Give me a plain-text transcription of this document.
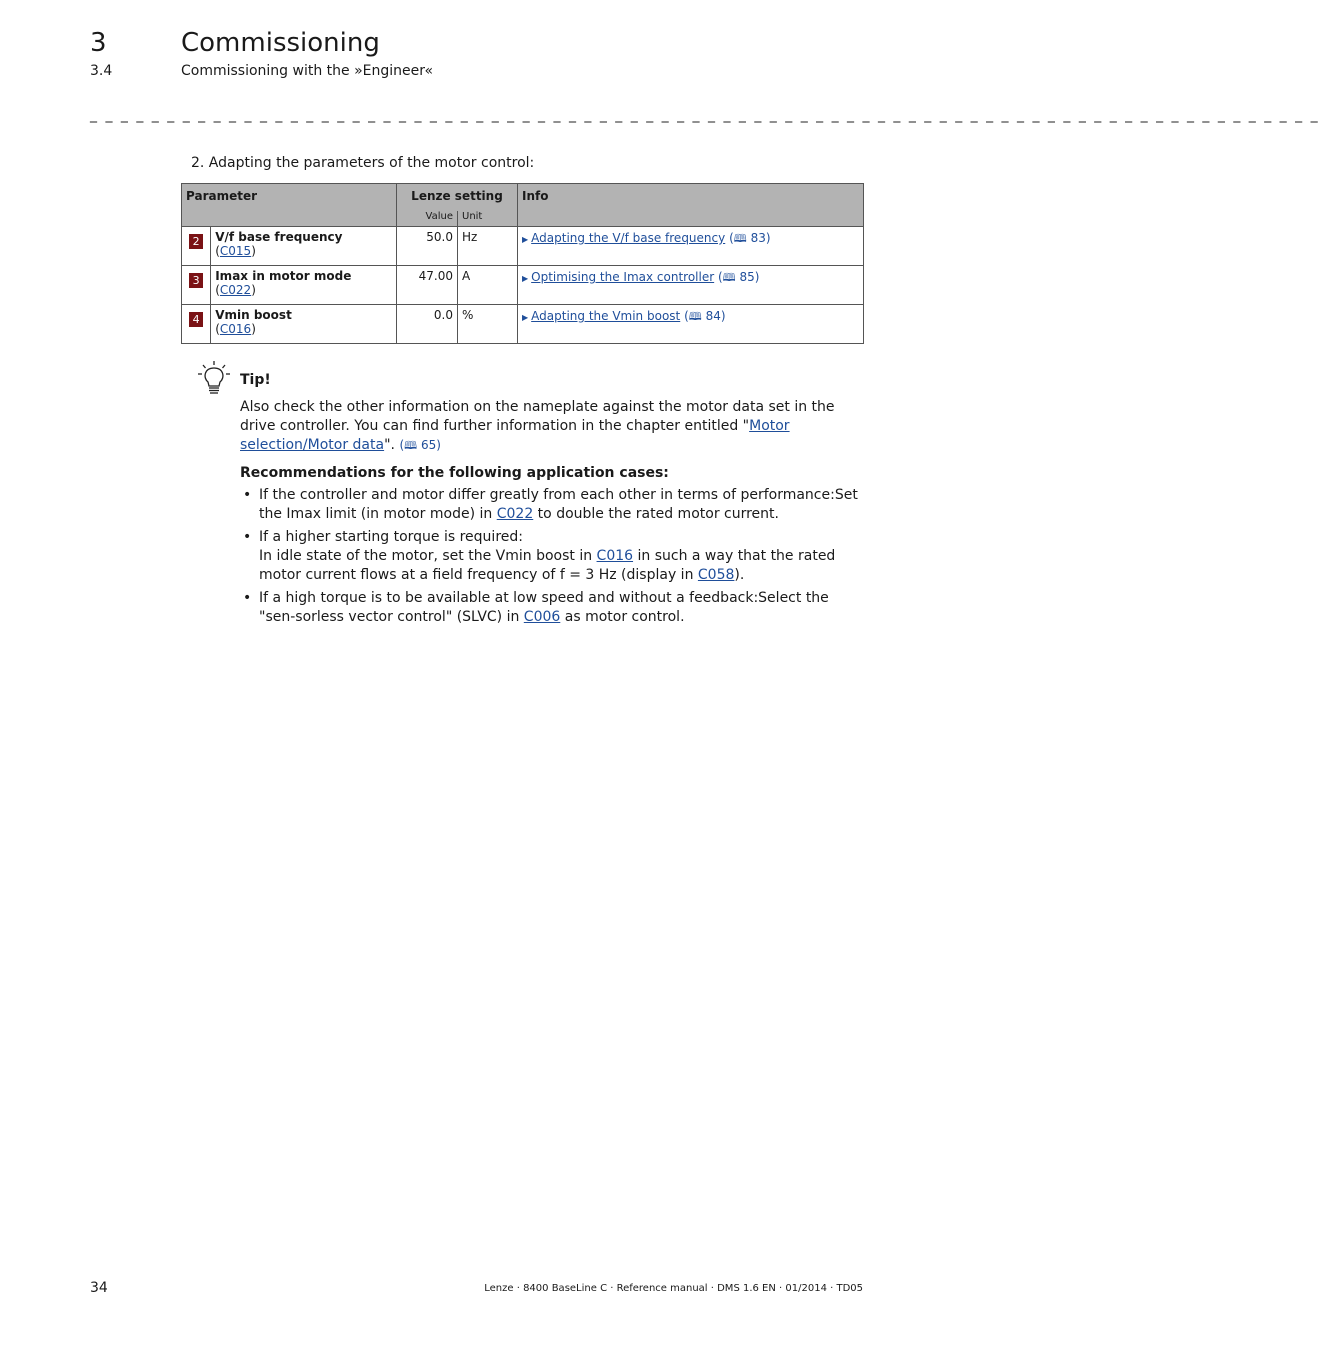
3	Commissioning
3.4	Commissioning with the »Engineer«
_ _ _ _ _ _ _ _ _ _ _ _ _ _ _ _ _ _ _ _ _ _ _ _ _ _ _ _ _ _ _ _ _ _ _ _ _ _ _ _ _ _ _ _ _ _ _ _ _ _ _ _ _ _ _ _ _ _ _ _ _ _ _ _ _ _ _ _ _ _ _ _ _ _ _ _ _ _ _ _
2. Adapting the parameters of the motor control:
Parameter		Lenze setting		Info
		Value	Unit	
2	V/f base frequency
(C015)	50.0	Hz	▶ Adapting the V/f base frequency (🕮 83)
3	Imax in motor mode
(C022)	47.00	A	▶ Optimising the Imax controller (🕮 85)
4	Vmin boost
(C016)	0.0	%	▶ Adapting the Vmin boost (🕮 84)
Tip!
Also check the other information on the nameplate against the motor data set in the drive controller. You can find further information in the chapter entitled "Motor selection/Motor data". (🕮 65)
Recommendations for the following application cases:
• If the controller and motor differ greatly from each other in terms of performance:Set the Imax limit (in motor mode) in C022 to double the rated motor current.
• If a higher starting torque is required:
In idle state of the motor, set the Vmin boost in C016 in such a way that the rated motor current flows at a field frequency of f = 3 Hz (display in C058).
• If a high torque is to be available at low speed and without a feedback:Select the "sen-sorless vector control" (SLVC) in C006 as motor control.
34	Lenze · 8400 BaseLine C · Reference manual · DMS 1.6 EN · 01/2014 · TD05
